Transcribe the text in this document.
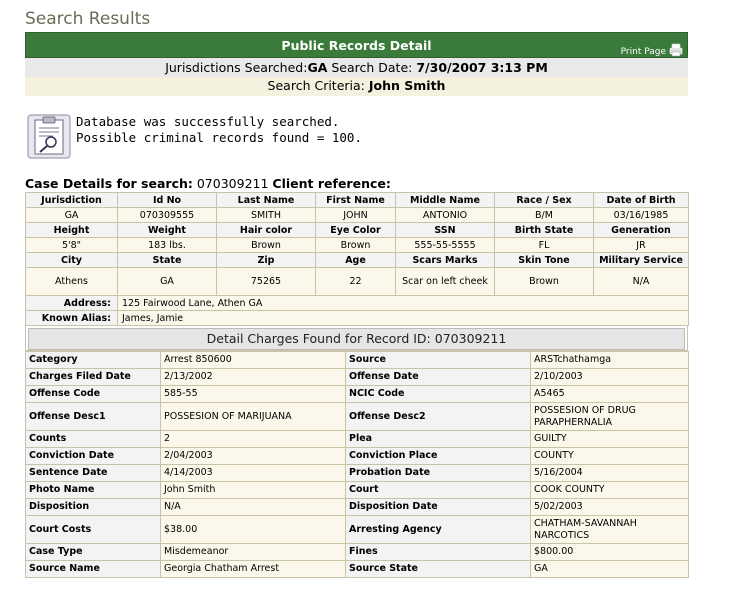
Search Results
Public Records Detail	Print Page
Jurisdictions Searched:GA Search Date: 7/30/2007 3:13 PM
Search Criteria: John Smith
Database was successfully searched.
Possible criminal records found = 100.
Case Details for search: 070309211 Client reference:
Jurisdiction	Id No	Last Name	First Name	Middle Name	Race / Sex	Date of Birth
GA	070309555	SMITH	JOHN	ANTONIO	B/M	03/16/1985
Height	Weight	Hair color	Eye Color	SSN	Birth State	Generation
5'8"	183 lbs.	Brown	Brown	555-55-5555	FL	JR
City	State	Zip	Age	Scars Marks	Skin Tone	Military Service
Athens	GA	75265	22	Scar on left cheek	Brown	N/A
Address:	125 Fairwood Lane, Athen GA					
Known Alias:	James, Jamie					
Detail Charges Found for Record ID: 070309211
Category	Arrest 850600	Source	ARSTchathamga
Charges Filed Date	2/13/2002	Offense Date	2/10/2003
Offense Code	585-55	NCIC Code	A5465
Offense Desc1	POSSESION OF MARIJUANA	Offense Desc2	POSSESION OF DRUG PARAPHERNALIA
Counts	2	Plea	GUILTY
Conviction Date	2/04/2003	Conviction Place	COUNTY
Sentence Date	4/14/2003	Probation Date	5/16/2004
Photo Name	John Smith	Court	COOK COUNTY
Disposition	N/A	Disposition Date	5/02/2003
Court Costs	$38.00	Arresting Agency	CHATHAM-SAVANNAH NARCOTICS
Case Type	Misdemeanor	Fines	$800.00
Source Name	Georgia Chatham Arrest	Source State	GA
